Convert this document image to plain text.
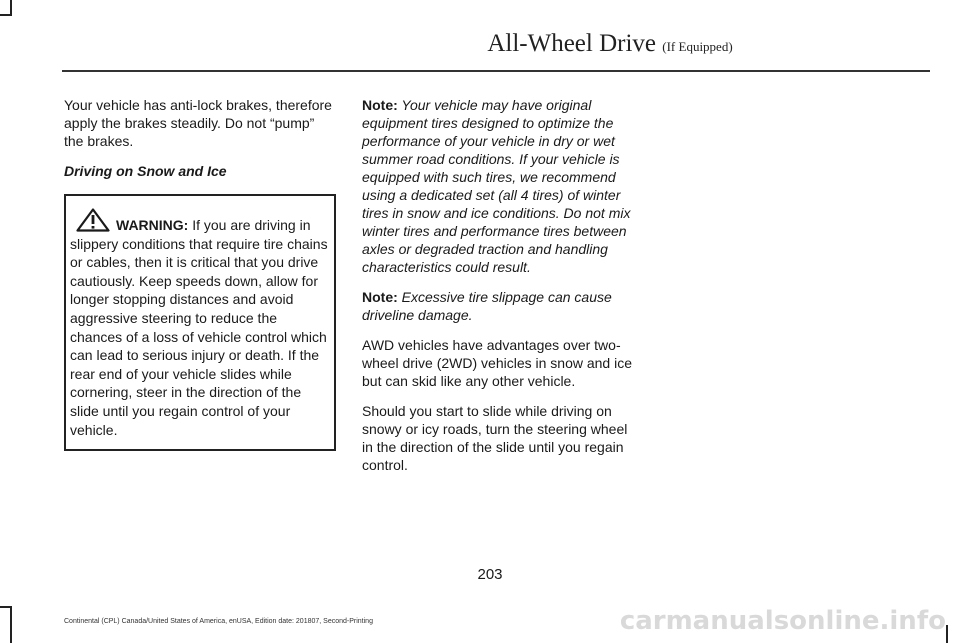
All-Wheel Drive (If Equipped)

Your vehicle has anti-lock brakes, therefore apply the brakes steadily. Do not “pump” the brakes.

Driving on Snow and Ice

WARNING: If you are driving in slippery conditions that require tire chains or cables, then it is critical that you drive cautiously. Keep speeds down, allow for longer stopping distances and avoid aggressive steering to reduce the chances of a loss of vehicle control which can lead to serious injury or death. If the rear end of your vehicle slides while cornering, steer in the direction of the slide until you regain control of your vehicle.

Note: Your vehicle may have original equipment tires designed to optimize the performance of your vehicle in dry or wet summer road conditions. If your vehicle is equipped with such tires, we recommend using a dedicated set (all 4 tires) of winter tires in snow and ice conditions. Do not mix winter tires and performance tires between axles or degraded traction and handling characteristics could result.

Note: Excessive tire slippage can cause driveline damage.

AWD vehicles have advantages over two-wheel drive (2WD) vehicles in snow and ice but can skid like any other vehicle.

Should you start to slide while driving on snowy or icy roads, turn the steering wheel in the direction of the slide until you regain control.

203
Continental (CPL) Canada/United States of America, enUSA, Edition date: 201807, Second-Printing	carmanualsonline.info
